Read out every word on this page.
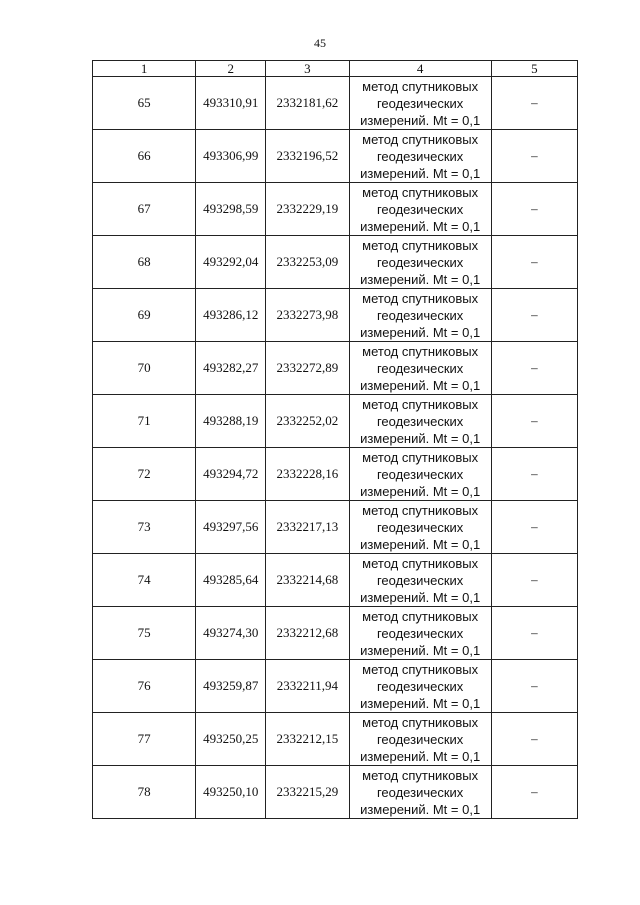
45
1	2	3	4	5
65	493310,91	2332181,62	метод спутниковых
геодезических
измерений. Mt = 0,1	–
66	493306,99	2332196,52	метод спутниковых
геодезических
измерений. Mt = 0,1	–
67	493298,59	2332229,19	метод спутниковых
геодезических
измерений. Mt = 0,1	–
68	493292,04	2332253,09	метод спутниковых
геодезических
измерений. Mt = 0,1	–
69	493286,12	2332273,98	метод спутниковых
геодезических
измерений. Mt = 0,1	–
70	493282,27	2332272,89	метод спутниковых
геодезических
измерений. Mt = 0,1	–
71	493288,19	2332252,02	метод спутниковых
геодезических
измерений. Mt = 0,1	–
72	493294,72	2332228,16	метод спутниковых
геодезических
измерений. Mt = 0,1	–
73	493297,56	2332217,13	метод спутниковых
геодезических
измерений. Mt = 0,1	–
74	493285,64	2332214,68	метод спутниковых
геодезических
измерений. Mt = 0,1	–
75	493274,30	2332212,68	метод спутниковых
геодезических
измерений. Mt = 0,1	–
76	493259,87	2332211,94	метод спутниковых
геодезических
измерений. Mt = 0,1	–
77	493250,25	2332212,15	метод спутниковых
геодезических
измерений. Mt = 0,1	–
78	493250,10	2332215,29	метод спутниковых
геодезических
измерений. Mt = 0,1	–
